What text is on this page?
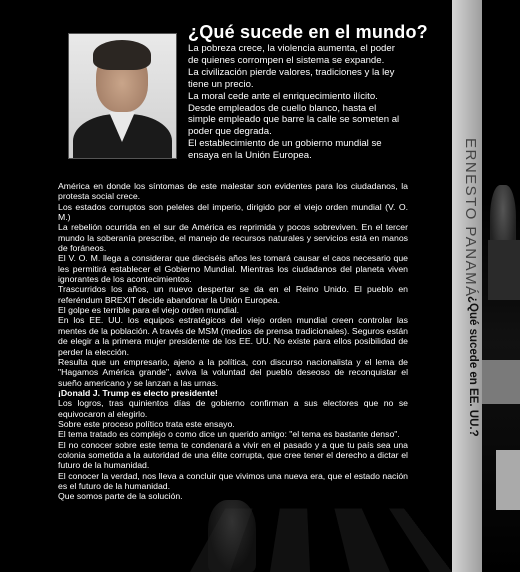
¿Qué sucede en el mundo?

La pobreza crece, la violencia aumenta, el poder de quienes corrompen el sistema se expande.

La civilización pierde valores, tradiciones y la ley tiene un precio.

La moral cede ante el enriquecimiento ilícito. Desde empleados de cuello blanco, hasta el simple empleado que barre la calle se someten al poder que degrada.

El establecimiento de un gobierno mundial se ensaya en la Unión Europea.

América en donde los síntomas de este malestar son evidentes para los ciudadanos, la protesta social crece.

Los estados corruptos son peleles del imperio, dirigido por el viejo orden mundial (V. O. M.)

La rebelión ocurrida en el sur de América es reprimida y pocos sobreviven. En el tercer mundo la soberanía prescribe, el manejo de recursos naturales y servicios está en manos de foráneos.

El V. O. M. llega a considerar que dieciséis años les tomará causar el caos necesario que les permitirá establecer el Gobierno Mundial. Mientras los ciudadanos del planeta viven ignorantes de los acontecimientos.

Trascurridos los años, un nuevo despertar se da en el Reino Unido. El pueblo en referéndum BREXIT decide abandonar la Unión Europea.

El golpe es terrible para el viejo orden mundial.

En los EE. UU. los equipos estratégicos del viejo orden mundial creen controlar las mentes de la población. A través de MSM (medios de prensa tradicionales). Seguros están de elegir a la primera mujer presidente de los EE. UU. No existe para ellos posibilidad de perder la elección.

Resulta que un empresario, ajeno a la política, con discurso nacionalista y el lema de "Hagamos América grande", aviva la voluntad del pueblo deseoso de reconquistar el sueño americano y se lanzan a las urnas.

¡Donald J. Trump es electo presidente!

Los logros, tras quinientos días de gobierno confirman a sus electores que no se equivocaron al elegirlo.

Sobre este proceso político trata este ensayo.

El tema tratado es complejo o como dice un querido amigo: "el tema es bastante denso".

El no conocer sobre este tema te condenará a vivir en el pasado y a que tu país sea una colonia sometida a la autoridad de una élite corrupta, que cree tener el derecho a dictar el futuro de la humanidad.

El conocer la verdad, nos lleva a concluir que vivimos una nueva era, que el estado nación es el futuro de la humanidad.

Que somos parte de la solución.

ERNESTO PANAMÁ
¿Qué sucede en EE. UU.?
